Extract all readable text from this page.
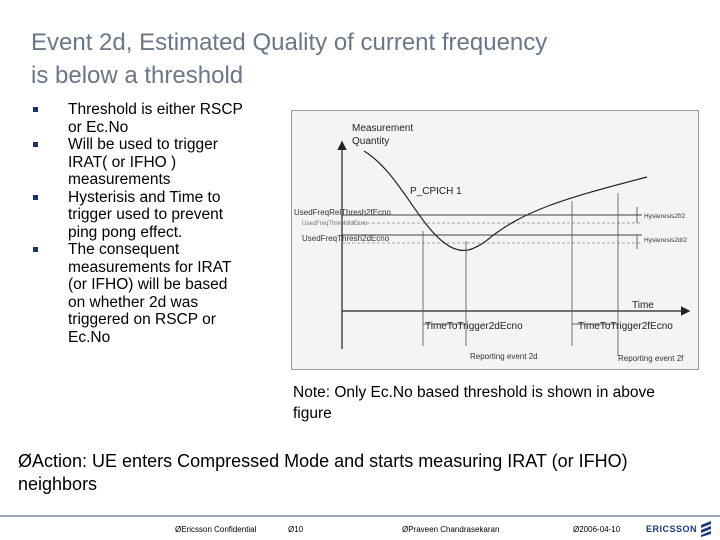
Event 2d, Estimated Quality of current frequency
is below a threshold
Threshold is either RSCP or Ec.No
Will be used to trigger IRAT( or IFHO ) measurements
Hysterisis and Time to trigger used to prevent ping pong effect.
The consequent measurements for IRAT (or IFHO) will be based on whether 2d was triggered on RSCP or Ec.No
Measurement
Quantity
Time
UsedFreqRelThresh2fEcno
UsedFreqThresh2dEcno
UsedFreqThresh2dEcno
Hysteresis2f/2
Hysteresis2d/2
P_CPICH 1
TimeToTrigger2dEcno	TimeToTrigger2fEcno
Reporting event 2d	Reporting event 2f
Note: Only Ec.No based threshold is shown in above figure
ØAction: UE enters Compressed Mode and starts measuring IRAT (or IFHO) neighbors
ØEricsson Confidential	Ø10	ØPraveen Chandrasekaran	Ø2006-04-10	ERICSSON
